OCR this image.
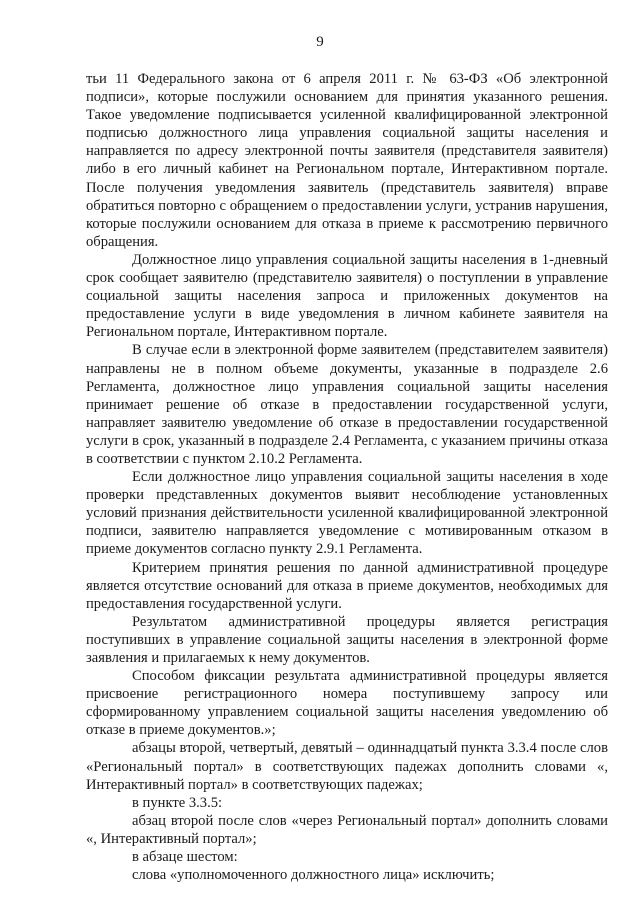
9

тьи 11 Федерального закона от 6 апреля 2011 г. № 63-ФЗ «Об электронной подписи», которые послужили основанием для принятия указанного решения. Такое уведомление подписывается усиленной квалифицированной электронной подписью должностного лица управления социальной защиты населения и направляется по адресу электронной почты заявителя (представителя заявителя) либо в его личный кабинет на Региональном портале, Интерактивном портале. После получения уведомления заявитель (представитель заявителя) вправе обратиться повторно с обращением о предоставлении услуги, устранив нарушения, которые послужили основанием для отказа в приеме к рассмотрению первичного обращения.

Должностное лицо управления социальной защиты населения в 1-дневный срок сообщает заявителю (представителю заявителя) о поступлении в управление социальной защиты населения запроса и приложенных документов на предоставление услуги в виде уведомления в личном кабинете заявителя на Региональном портале, Интерактивном портале.

В случае если в электронной форме заявителем (представителем заявителя) направлены не в полном объеме документы, указанные в подразделе 2.6 Регламента, должностное лицо управления социальной защиты населения принимает решение об отказе в предоставлении государственной услуги, направляет заявителю уведомление об отказе в предоставлении государственной услуги в срок, указанный в подразделе 2.4 Регламента, с указанием причины отказа в соответствии с пунктом 2.10.2 Регламента.

Если должностное лицо управления социальной защиты населения в ходе проверки представленных документов выявит несоблюдение установленных условий признания действительности усиленной квалифицированной электронной подписи, заявителю направляется уведомление с мотивированным отказом в приеме документов согласно пункту 2.9.1 Регламента.

Критерием принятия решения по данной административной процедуре является отсутствие оснований для отказа в приеме документов, необходимых для предоставления государственной услуги.

Результатом административной процедуры является регистрация поступивших в управление социальной защиты населения в электронной форме заявления и прилагаемых к нему документов.

Способом фиксации результата административной процедуры является присвоение регистрационного номера поступившему запросу или сформированному управлением социальной защиты населения уведомлению об отказе в приеме документов.»;

абзацы второй, четвертый, девятый – одиннадцатый пункта 3.3.4 после слов «Региональный портал» в соответствующих падежах дополнить словами «, Интерактивный портал» в соответствующих падежах;

в пункте 3.3.5:

абзац второй после слов «через Региональный портал» дополнить словами «, Интерактивный портал»;

в абзаце шестом:

слова «уполномоченного должностного лица» исключить;
